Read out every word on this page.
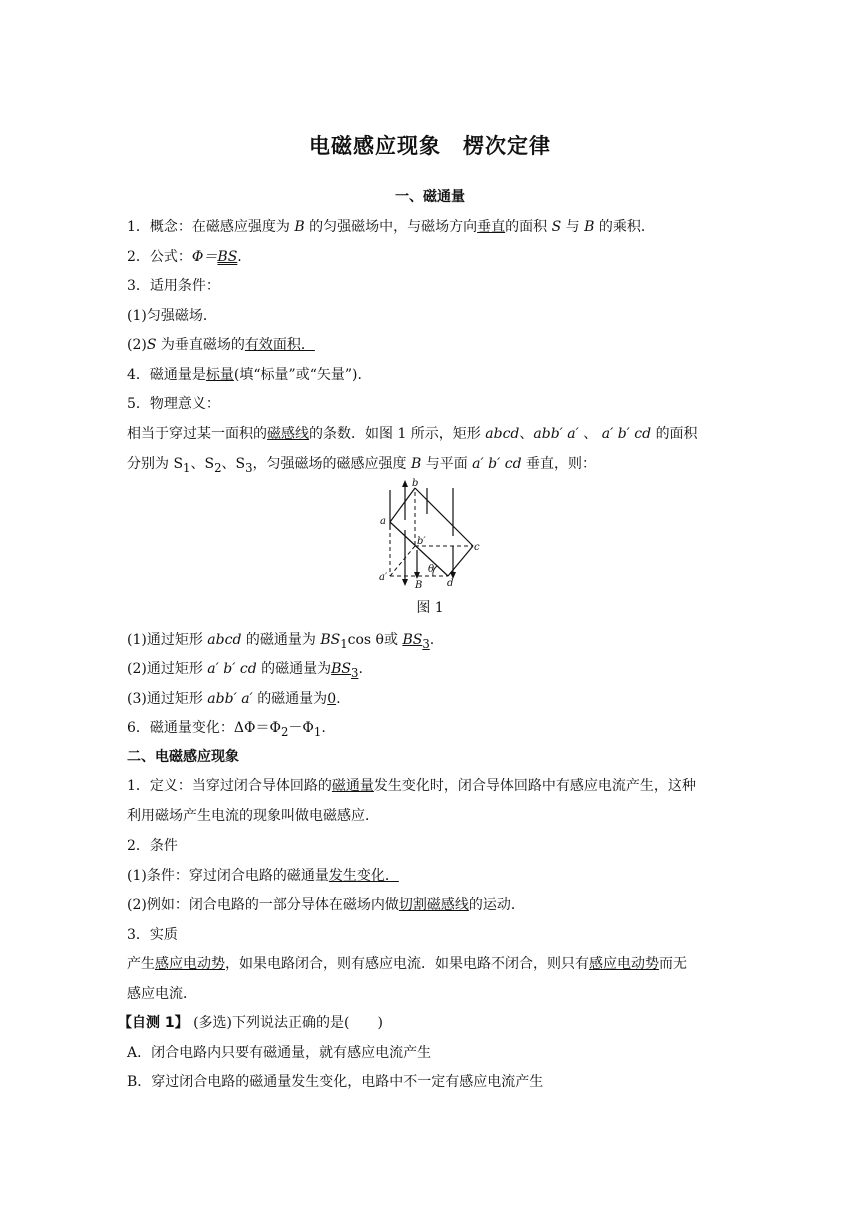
电磁感应现象　楞次定律
一、磁通量
1．概念：在磁感应强度为 B 的匀强磁场中，与磁场方向垂直的面积 S 与 B 的乘积．
2．公式：Φ＝BS.
3．适用条件：
(1)匀强磁场．
(2)S 为垂直磁场的有效面积．
4．磁通量是标量(填“标量”或“矢量”)．
5．物理意义：
相当于穿过某一面积的磁感线的条数．如图 1 所示，矩形 abcd、abb′ a′ 、 a′ b′ cd 的面积
分别为 $S_1$、$S_2$、$S_3$，匀强磁场的磁感应强度 B 与平面 a′ b′ cd 垂直，则：
b
a
c
b′
a′
B
θ
d
图 1
(1)通过矩形 abcd 的磁通量为 $BS_1\cos$ θ或 $BS_3$.
(2)通过矩形 a′ b′ cd 的磁通量为$BS_3$.
(3)通过矩形 abb′ a′ 的磁通量为0.
6．磁通量变化：$\Delta\Phi=\Phi_2-\Phi_1$.
二、电磁感应现象
1．定义：当穿过闭合导体回路的磁通量发生变化时，闭合导体回路中有感应电流产生，这种
利用磁场产生电流的现象叫做电磁感应．
2．条件
(1)条件：穿过闭合电路的磁通量发生变化．
(2)例如：闭合电路的一部分导体在磁场内做切割磁感线的运动．
3．实质
产生感应电动势，如果电路闭合，则有感应电流．如果电路不闭合，则只有感应电动势而无
感应电流．
【自测 1】 (多选)下列说法正确的是(　　)
A．闭合电路内只要有磁通量，就有感应电流产生
B．穿过闭合电路的磁通量发生变化，电路中不一定有感应电流产生
